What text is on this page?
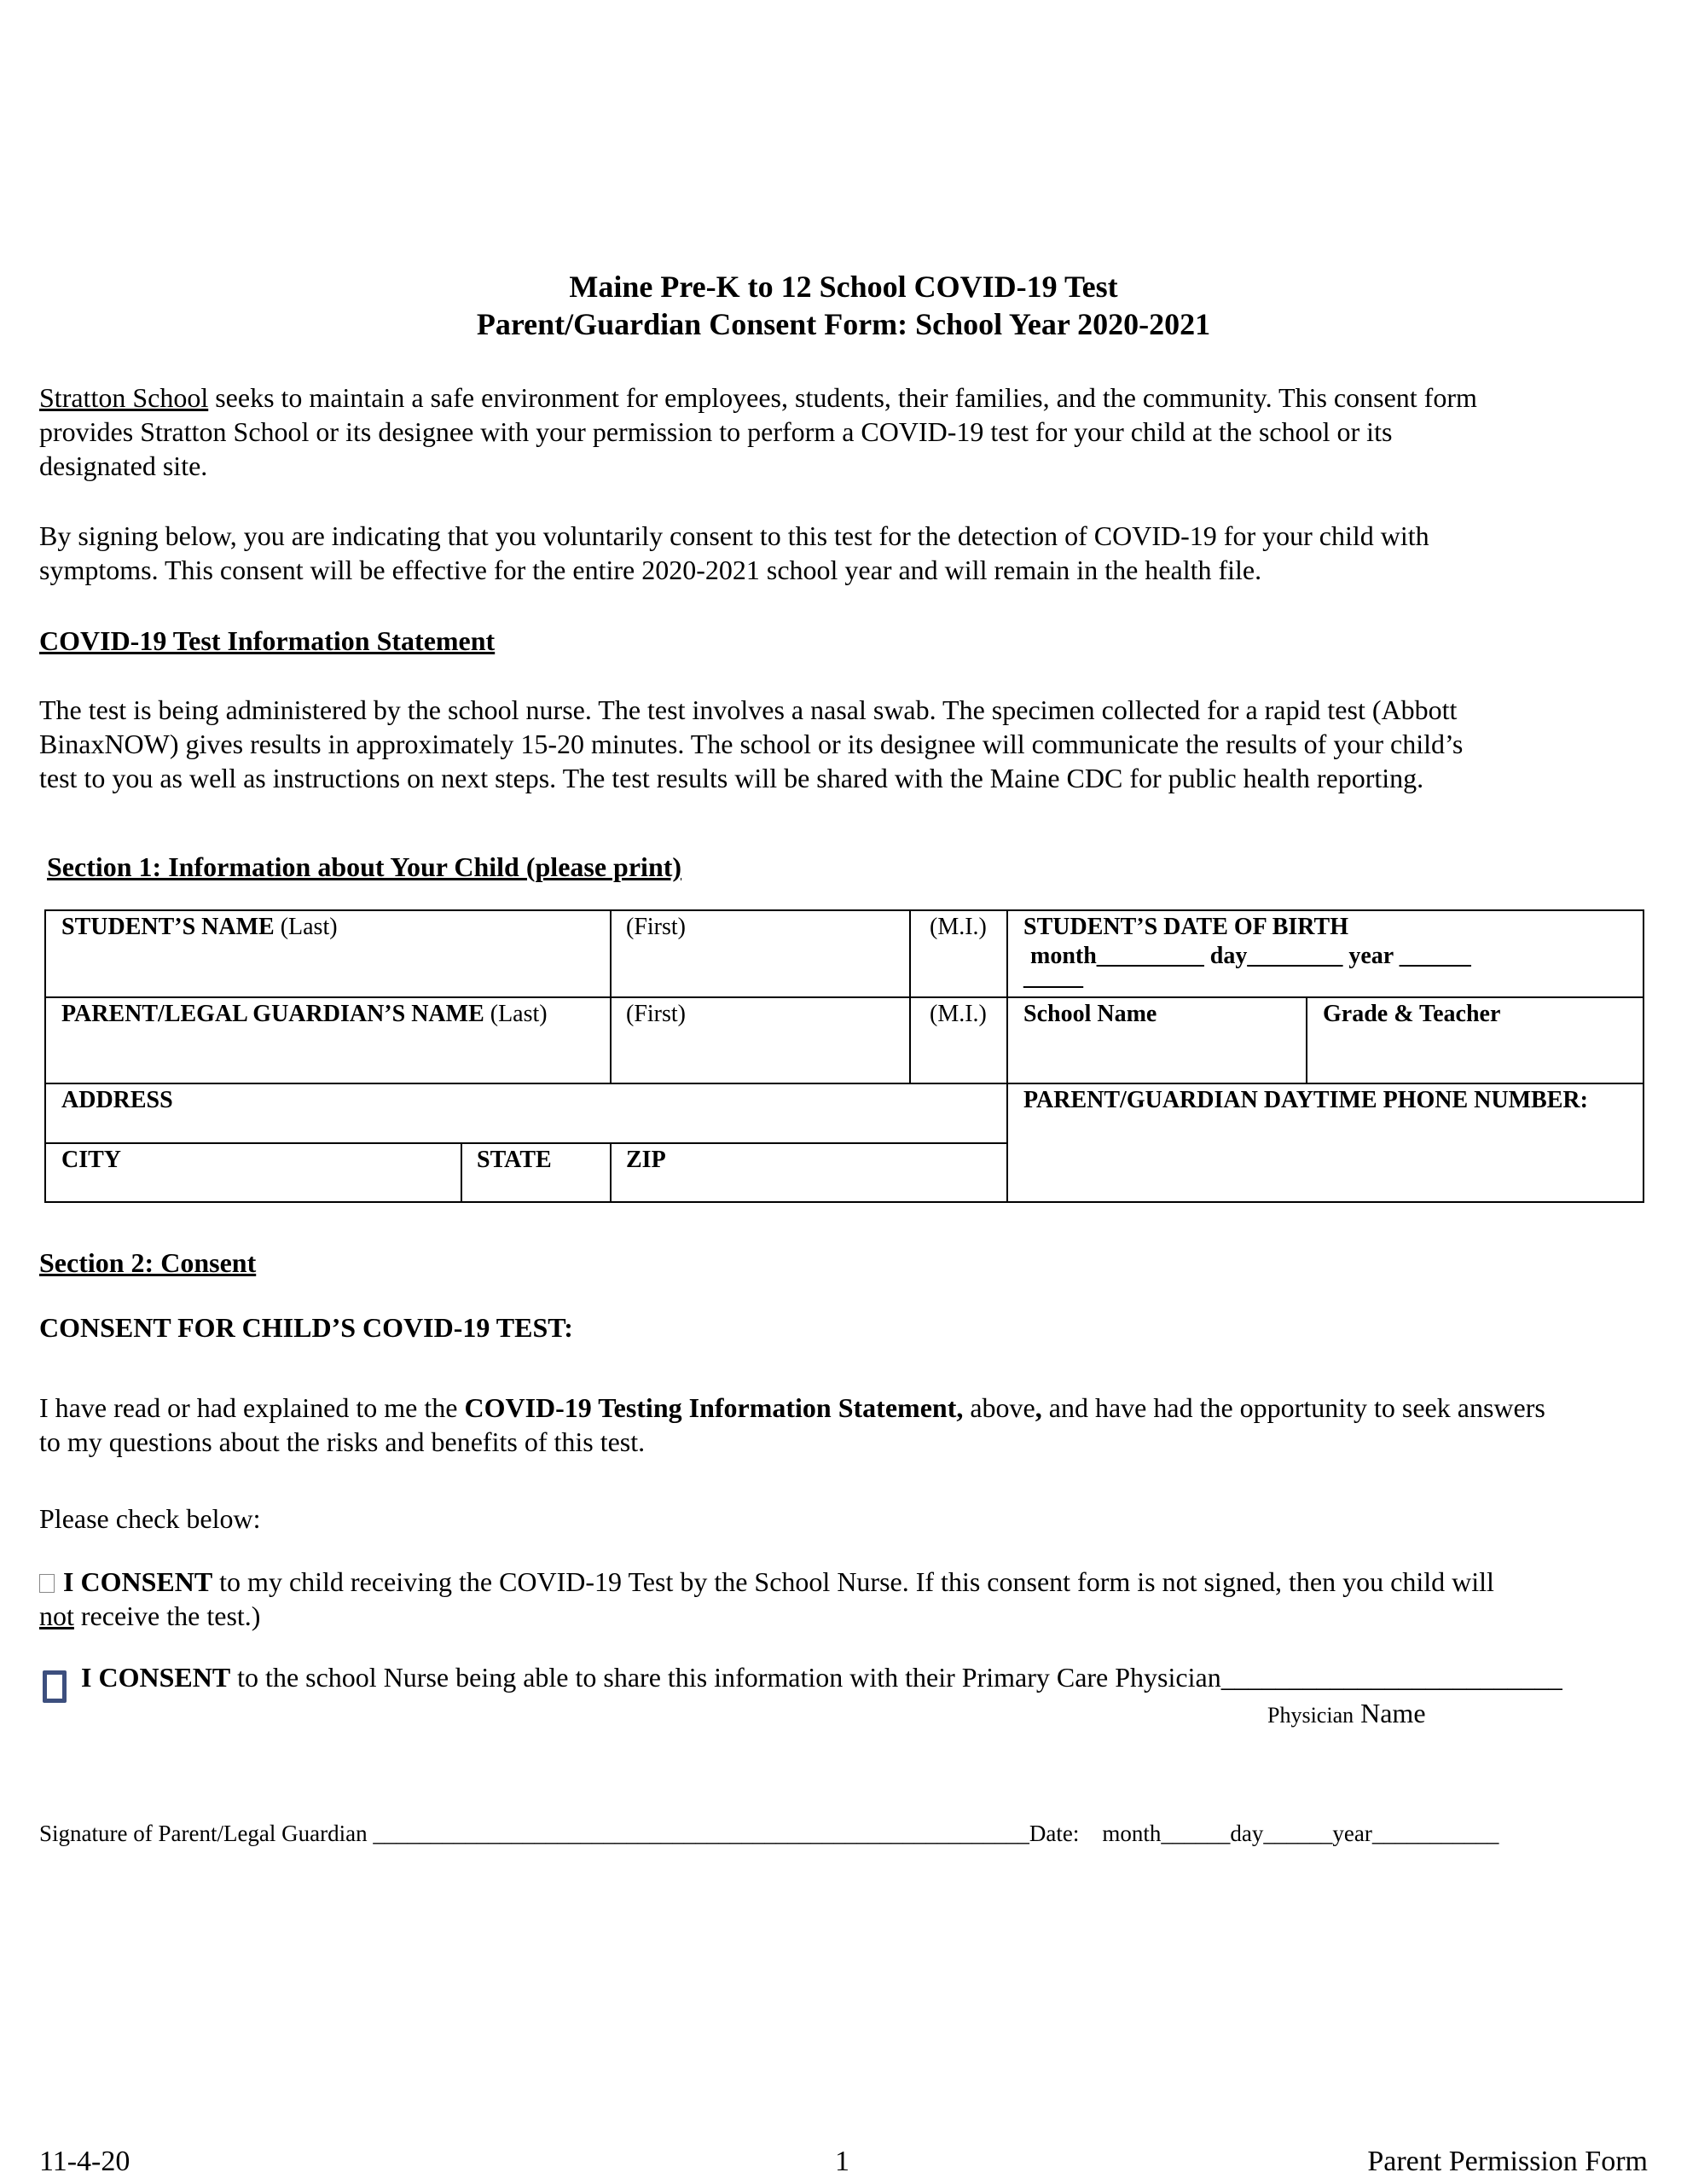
Maine Pre-K to 12 School COVID-19 Test
Parent/Guardian Consent Form: School Year 2020-2021
Stratton School seeks to maintain a safe environment for employees, students, their families, and the community. This consent form
provides Stratton School or its designee with your permission to perform a COVID-19 test for your child at the school or its
designated site.
By signing below, you are indicating that you voluntarily consent to this test for the detection of COVID-19 for your child with
symptoms. This consent will be effective for the entire 2020-2021 school year and will remain in the health file.
COVID-19 Test Information Statement
The test is being administered by the school nurse. The test involves a nasal swab. The specimen collected for a rapid test (Abbott
BinaxNOW) gives results in approximately 15-20 minutes. The school or its designee will communicate the results of your child’s
test to you as well as instructions on next steps. The test results will be shared with the Maine CDC for public health reporting.
Section 1: Information about Your Child (please print)
STUDENT’S NAME (Last)	(First)	(M.I.) STUDENT’S DATE OF BIRTH
month_________ day________ year ______
_____
PARENT/LEGAL GUARDIAN’S NAME (Last)	(First)	(M.I.) School Name	Grade & Teacher
ADDRESS	PARENT/GUARDIAN DAYTIME PHONE NUMBER:
CITY	STATE	ZIP
Section 2: Consent
CONSENT FOR CHILD’S COVID-19 TEST:
I have read or had explained to me the COVID-19 Testing Information Statement, above, and have had the opportunity to seek answers
to my questions about the risks and benefits of this test.
Please check below:
I CONSENT to my child receiving the COVID-19 Test by the School Nurse. If this consent form is not signed, then you child will
not receive the test.)
I CONSENT to the school Nurse being able to share this information with their Primary Care Physician_________________________
Physician Name
Signature of Parent/Legal Guardian _________________________________________________________Date: month______day______year___________
11-4-20	1	Parent Permission Form
